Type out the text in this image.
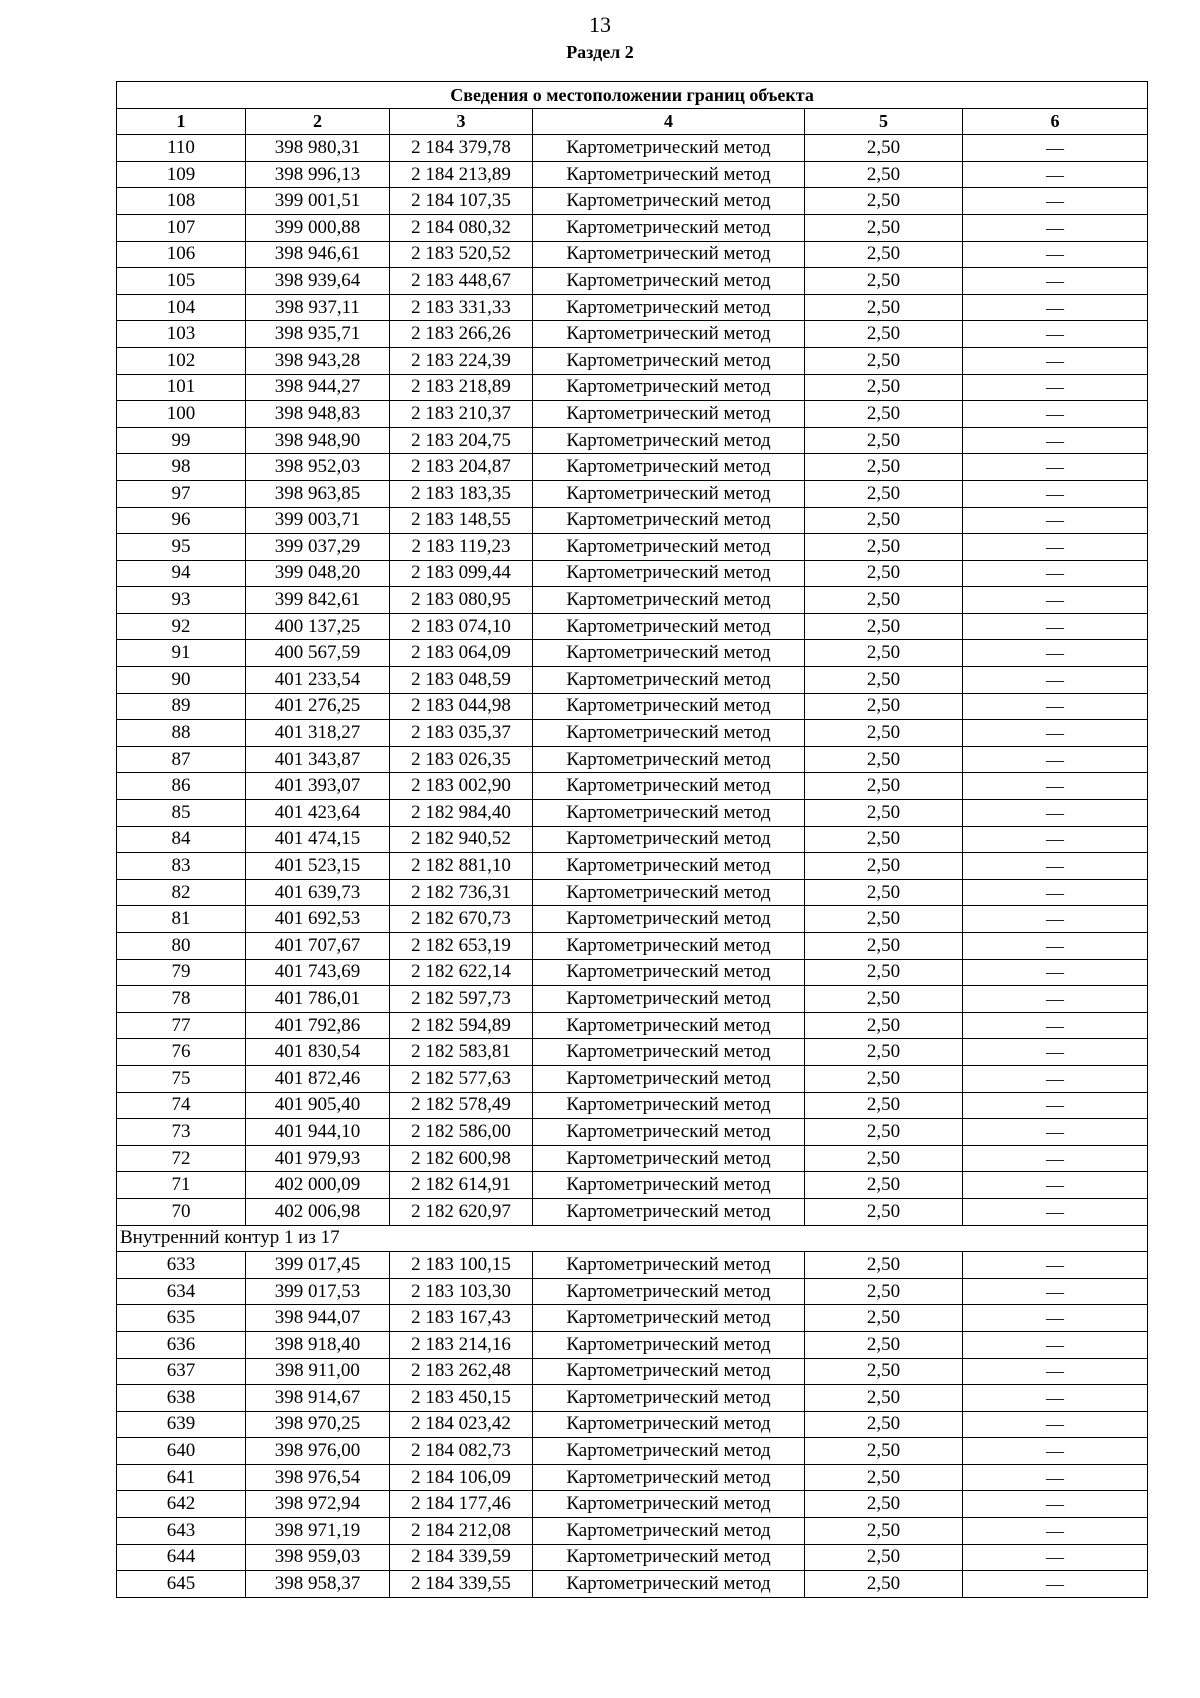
13
Раздел 2
Сведения о местоположении границ объекта					
1	2	3	4	5	6
110	398 980,31	2 184 379,78	Картометрический метод	2,50	—
109	398 996,13	2 184 213,89	Картометрический метод	2,50	—
108	399 001,51	2 184 107,35	Картометрический метод	2,50	—
107	399 000,88	2 184 080,32	Картометрический метод	2,50	—
106	398 946,61	2 183 520,52	Картометрический метод	2,50	—
105	398 939,64	2 183 448,67	Картометрический метод	2,50	—
104	398 937,11	2 183 331,33	Картометрический метод	2,50	—
103	398 935,71	2 183 266,26	Картометрический метод	2,50	—
102	398 943,28	2 183 224,39	Картометрический метод	2,50	—
101	398 944,27	2 183 218,89	Картометрический метод	2,50	—
100	398 948,83	2 183 210,37	Картометрический метод	2,50	—
99	398 948,90	2 183 204,75	Картометрический метод	2,50	—
98	398 952,03	2 183 204,87	Картометрический метод	2,50	—
97	398 963,85	2 183 183,35	Картометрический метод	2,50	—
96	399 003,71	2 183 148,55	Картометрический метод	2,50	—
95	399 037,29	2 183 119,23	Картометрический метод	2,50	—
94	399 048,20	2 183 099,44	Картометрический метод	2,50	—
93	399 842,61	2 183 080,95	Картометрический метод	2,50	—
92	400 137,25	2 183 074,10	Картометрический метод	2,50	—
91	400 567,59	2 183 064,09	Картометрический метод	2,50	—
90	401 233,54	2 183 048,59	Картометрический метод	2,50	—
89	401 276,25	2 183 044,98	Картометрический метод	2,50	—
88	401 318,27	2 183 035,37	Картометрический метод	2,50	—
87	401 343,87	2 183 026,35	Картометрический метод	2,50	—
86	401 393,07	2 183 002,90	Картометрический метод	2,50	—
85	401 423,64	2 182 984,40	Картометрический метод	2,50	—
84	401 474,15	2 182 940,52	Картометрический метод	2,50	—
83	401 523,15	2 182 881,10	Картометрический метод	2,50	—
82	401 639,73	2 182 736,31	Картометрический метод	2,50	—
81	401 692,53	2 182 670,73	Картометрический метод	2,50	—
80	401 707,67	2 182 653,19	Картометрический метод	2,50	—
79	401 743,69	2 182 622,14	Картометрический метод	2,50	—
78	401 786,01	2 182 597,73	Картометрический метод	2,50	—
77	401 792,86	2 182 594,89	Картометрический метод	2,50	—
76	401 830,54	2 182 583,81	Картометрический метод	2,50	—
75	401 872,46	2 182 577,63	Картометрический метод	2,50	—
74	401 905,40	2 182 578,49	Картометрический метод	2,50	—
73	401 944,10	2 182 586,00	Картометрический метод	2,50	—
72	401 979,93	2 182 600,98	Картометрический метод	2,50	—
71	402 000,09	2 182 614,91	Картометрический метод	2,50	—
70	402 006,98	2 182 620,97	Картометрический метод	2,50	—
Внутренний контур 1 из 17					
633	399 017,45	2 183 100,15	Картометрический метод	2,50	—
634	399 017,53	2 183 103,30	Картометрический метод	2,50	—
635	398 944,07	2 183 167,43	Картометрический метод	2,50	—
636	398 918,40	2 183 214,16	Картометрический метод	2,50	—
637	398 911,00	2 183 262,48	Картометрический метод	2,50	—
638	398 914,67	2 183 450,15	Картометрический метод	2,50	—
639	398 970,25	2 184 023,42	Картометрический метод	2,50	—
640	398 976,00	2 184 082,73	Картометрический метод	2,50	—
641	398 976,54	2 184 106,09	Картометрический метод	2,50	—
642	398 972,94	2 184 177,46	Картометрический метод	2,50	—
643	398 971,19	2 184 212,08	Картометрический метод	2,50	—
644	398 959,03	2 184 339,59	Картометрический метод	2,50	—
645	398 958,37	2 184 339,55	Картометрический метод	2,50	—
